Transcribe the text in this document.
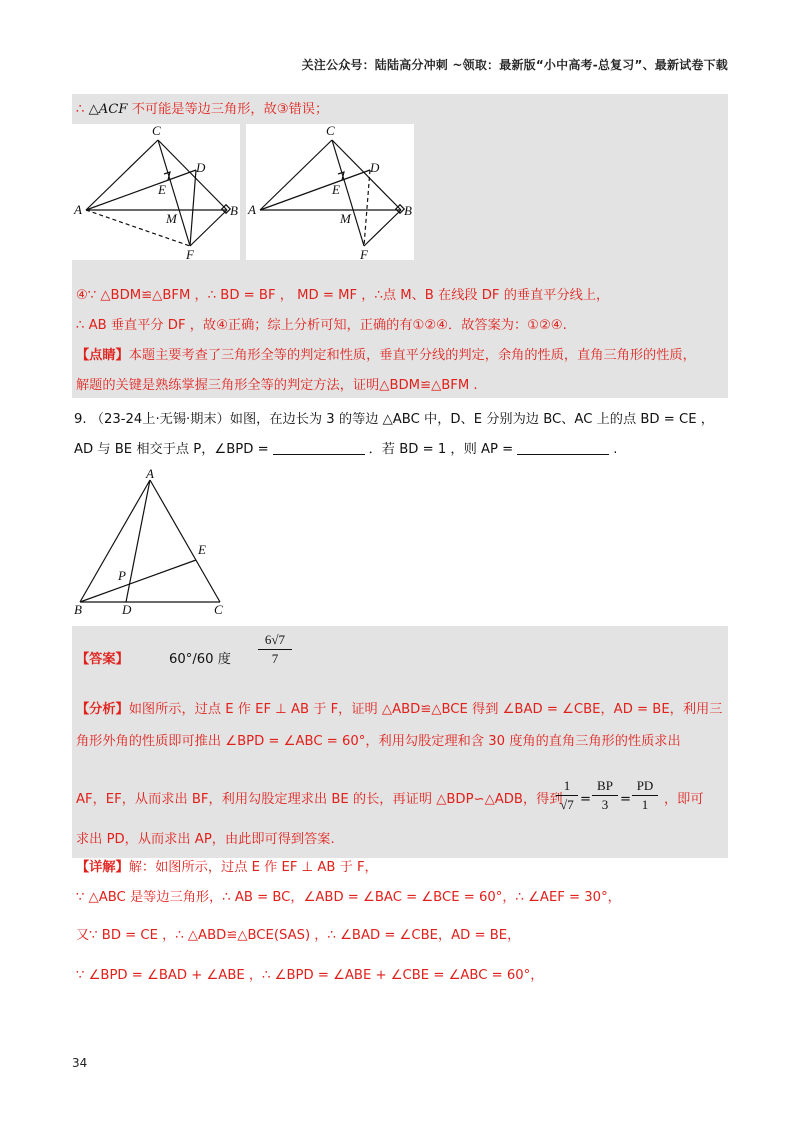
关注公众号：陆陆高分冲刺 ~领取：最新版“小中高考-总复习”、最新试卷下载
∴ △ACF 不可能是等边三角形，故③错误；
C
D
E
A
M
B
F
C
D
E
A
M
B
F
④∵ △BDM≌△BFM ，∴ BD = BF ， MD = MF ，∴点 M、B 在线段 DF 的垂直平分线上，
∴ AB 垂直平分 DF ，故④正确；综上分析可知，正确的有①②④．故答案为：①②④.
【点睛】本题主要考查了三角形全等的判定和性质，垂直平分线的判定，余角的性质，直角三角形的性质，
解题的关键是熟练掌握三角形全等的判定方法，证明△BDM≌△BFM .
9. （23-24上·无锡·期末）如图，在边长为 3 的等边 △ABC 中，D、E 分别为边 BC、AC 上的点 BD = CE ，
AD 与 BE 相交于点 P，∠BPD =	．若 BD = 1 ，则 AP =	.
A
E
P
B	D	C
【答案】	60°/60 度 $\frac{6√7}{7}$
【分析】如图所示，过点 E 作 EF ⊥ AB 于 F，证明 △ABD≌△BCE 得到 ∠BAD = ∠CBE，AD = BE，利用三
角形外角的性质即可推出 ∠BPD = ∠ABC = 60°，利用勾股定理和含 30 度角的直角三角形的性质求出
AF，EF，从而求出 BF，利用勾股定理求出 BE 的长，再证明 △BDP∽△ADB，得到
$\frac{1}{√7} = \frac{BP}{3} = \frac{PD}{1}$ ，即可
求出 PD，从而求出 AP，由此即可得到答案.
【详解】解：如图所示，过点 E 作 EF ⊥ AB 于 F，
∵ △ABC 是等边三角形，∴ AB = BC，∠ABD = ∠BAC = ∠BCE = 60°，∴ ∠AEF = 30°，
又∵ BD = CE ，∴ △ABD≌△BCE(SAS) ，∴ ∠BAD = ∠CBE，AD = BE，
∵ ∠BPD = ∠BAD + ∠ABE ，∴ ∠BPD = ∠ABE + ∠CBE = ∠ABC = 60°，
34
